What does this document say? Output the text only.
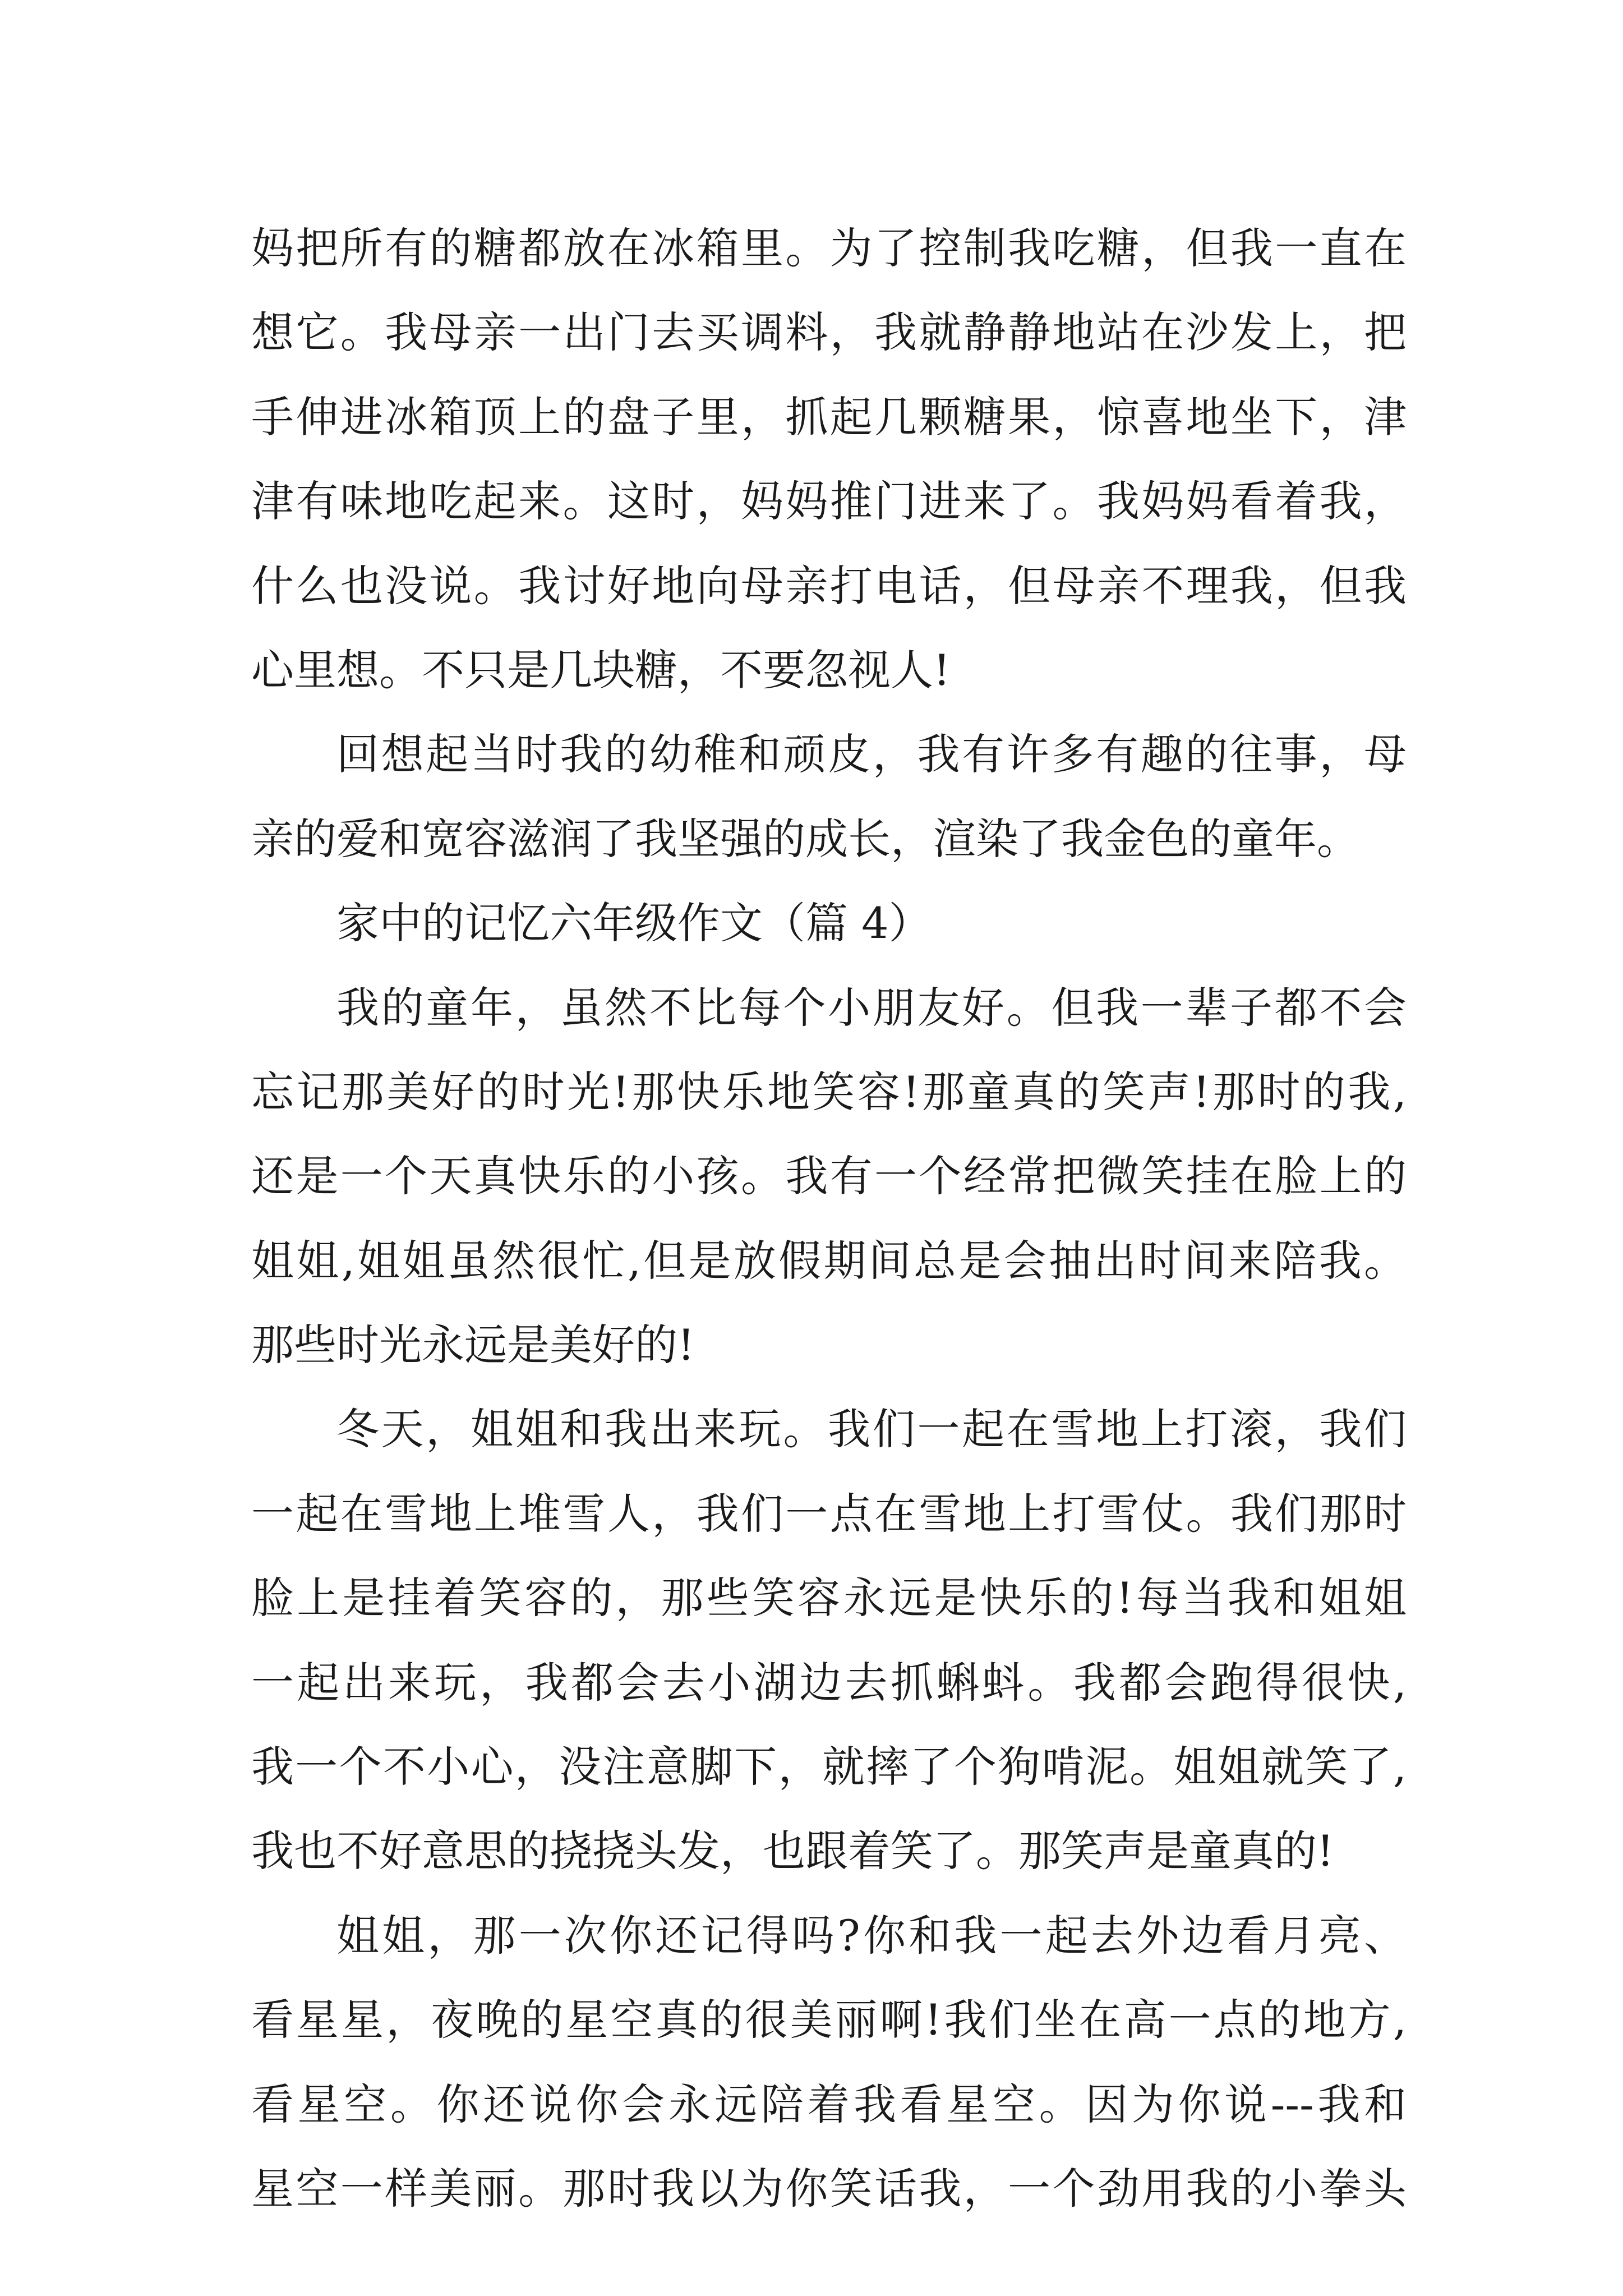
妈把所有的糖都放在冰箱里。为了控制我吃糖，但我一直在
想它。我母亲一出门去买调料，我就静静地站在沙发上，把
手伸进冰箱顶上的盘子里，抓起几颗糖果，惊喜地坐下，津
津有味地吃起来。这时，妈妈推门进来了。我妈妈看着我，
什么也没说。我讨好地向母亲打电话，但母亲不理我，但我
心里想。不只是几块糖，不要忽视人!
回想起当时我的幼稚和顽皮，我有许多有趣的往事，母
亲的爱和宽容滋润了我坚强的成长，渲染了我金色的童年。
家中的记忆六年级作文（篇 4）
我的童年，虽然不比每个小朋友好。但我一辈子都不会
忘记那美好的时光!那快乐地笑容!那童真的笑声!那时的我,
还是一个天真快乐的小孩。我有一个经常把微笑挂在脸上的
姐姐,姐姐虽然很忙,但是放假期间总是会抽出时间来陪我。
那些时光永远是美好的!
冬天，姐姐和我出来玩。我们一起在雪地上打滚，我们
一起在雪地上堆雪人，我们一点在雪地上打雪仗。我们那时
脸上是挂着笑容的，那些笑容永远是快乐的!每当我和姐姐
一起出来玩，我都会去小湖边去抓蝌蚪。我都会跑得很快,
我一个不小心，没注意脚下，就摔了个狗啃泥。姐姐就笑了,
我也不好意思的挠挠头发，也跟着笑了。那笑声是童真的!
姐姐，那一次你还记得吗?你和我一起去外边看月亮、
看星星，夜晚的星空真的很美丽啊!我们坐在高一点的地方,
看星空。你还说你会永远陪着我看星空。因为你说---我和
星空一样美丽。那时我以为你笑话我，一个劲用我的小拳头
